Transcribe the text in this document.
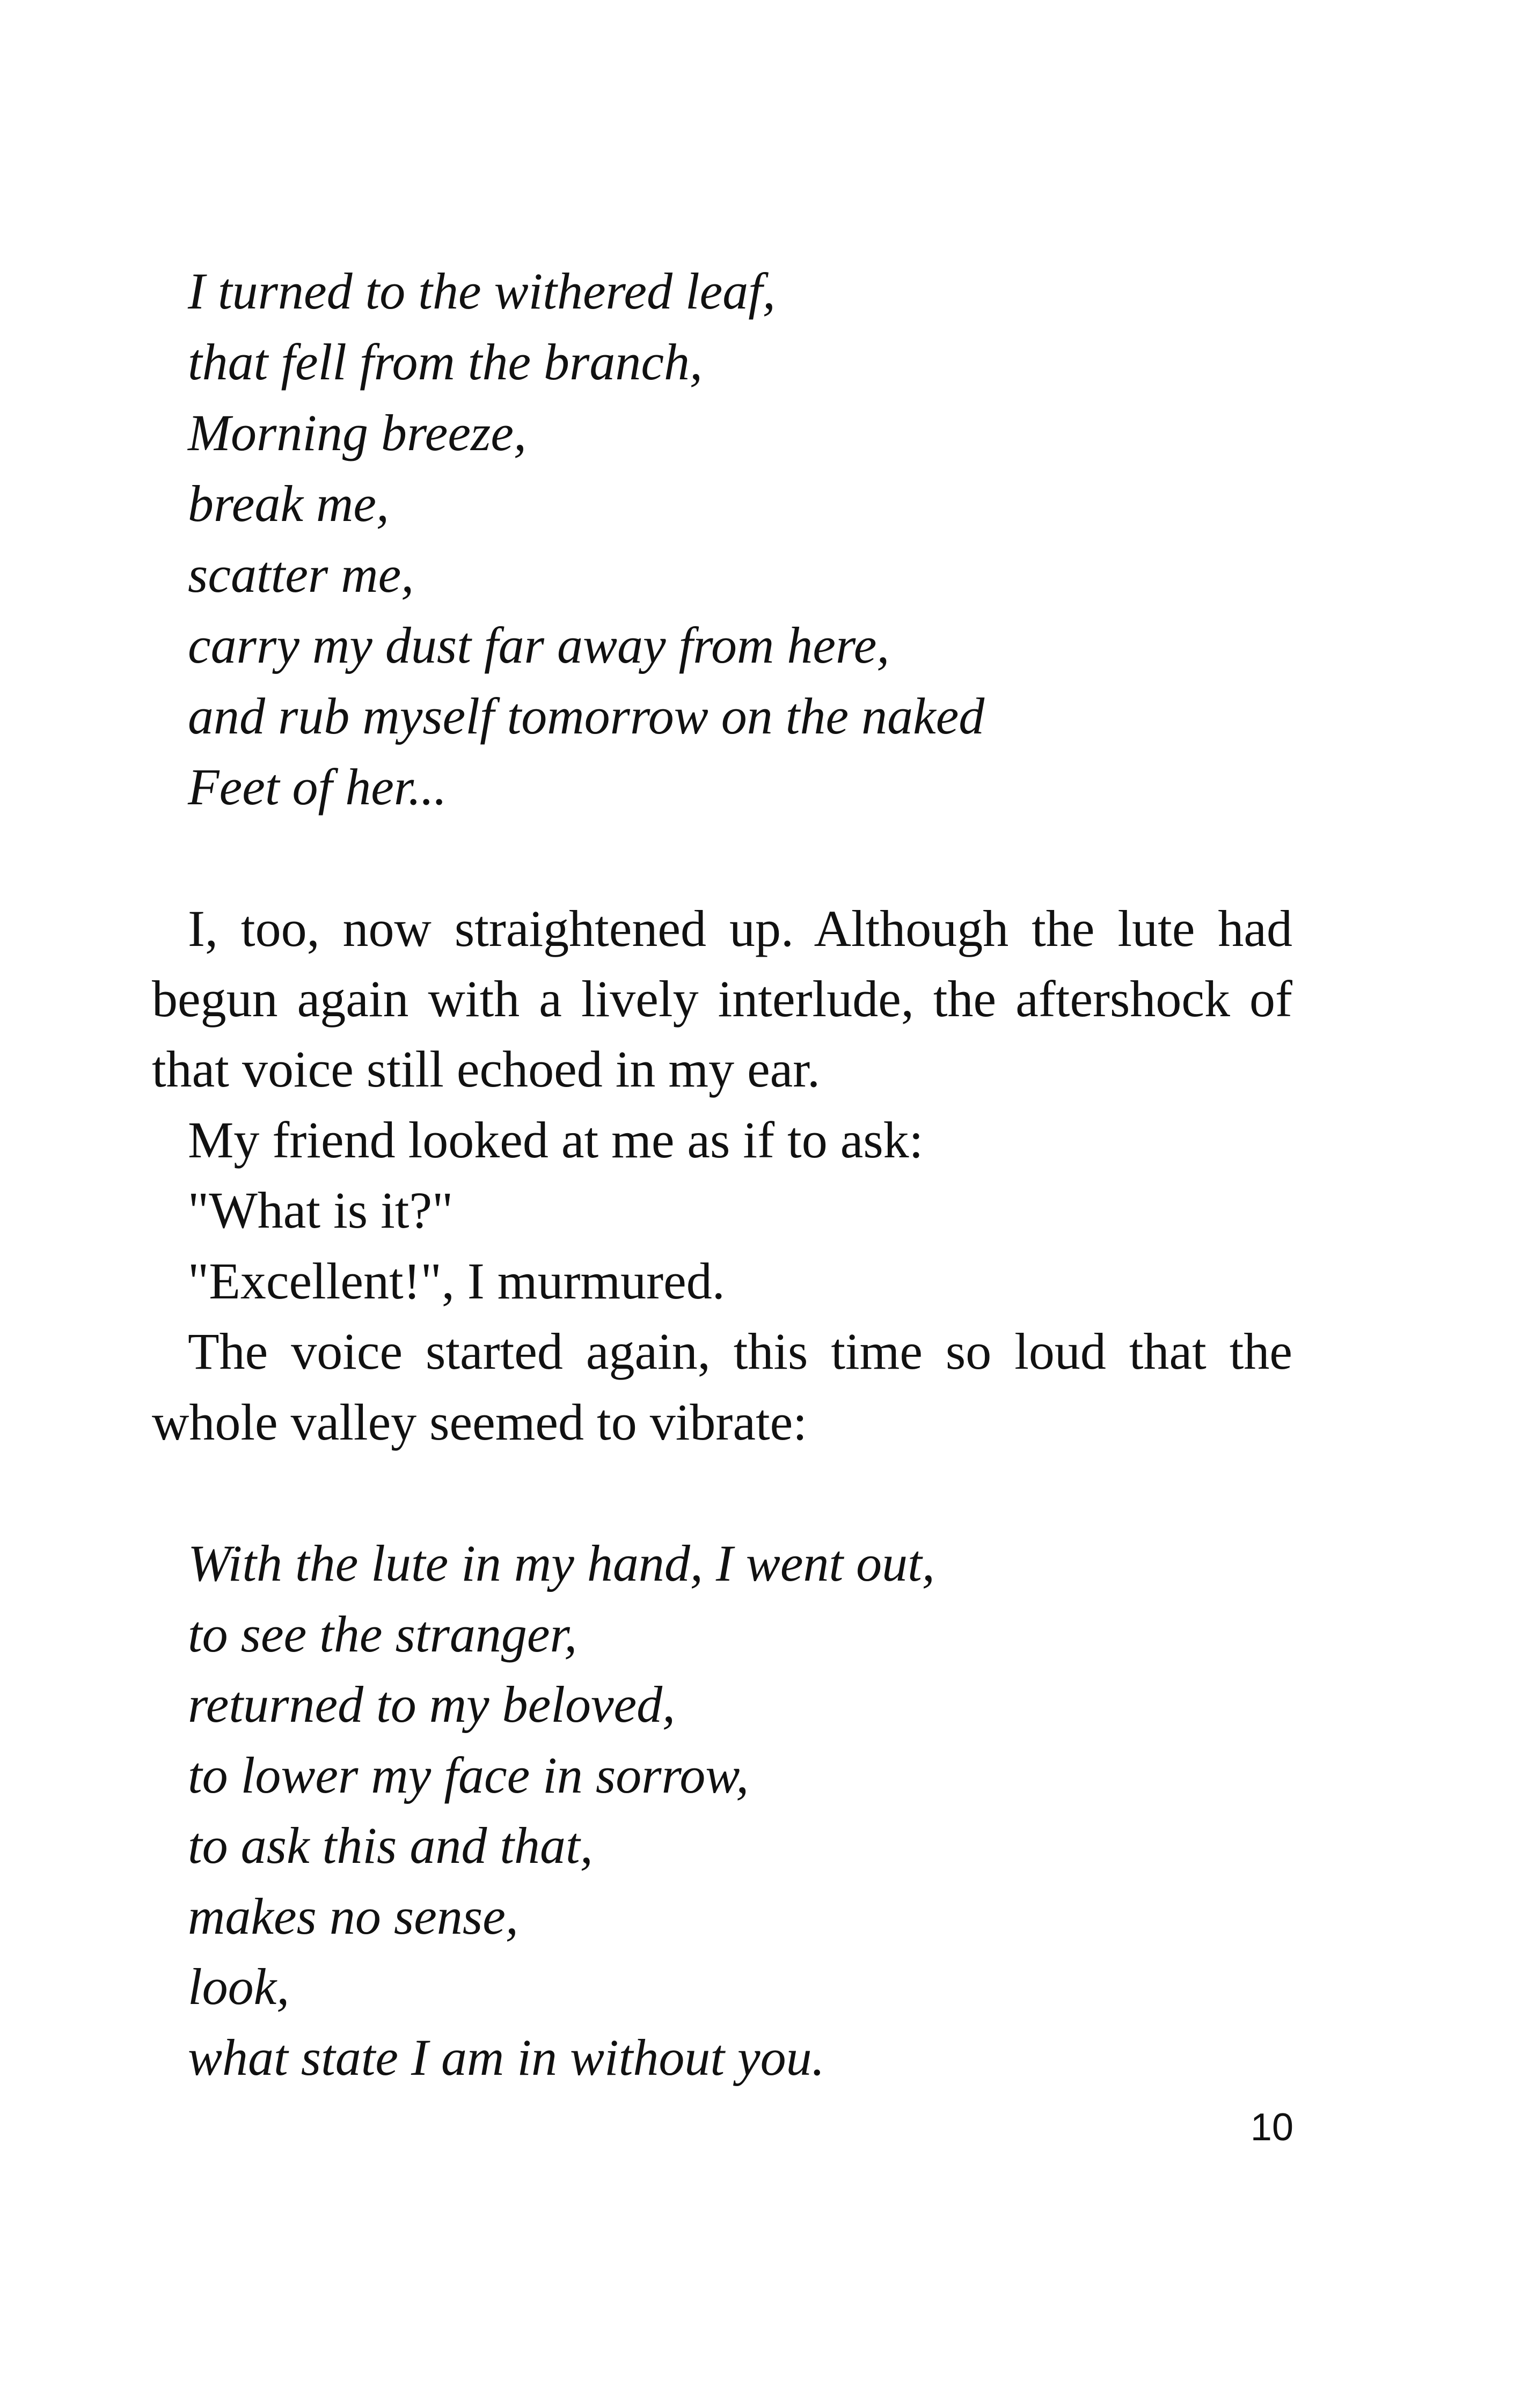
I turned to the withered leaf,
that fell from the branch,
Morning breeze,
break me,
scatter me,
carry my dust far away from here,
and rub myself tomorrow on the naked
Feet of her...
I, too, now straightened up. Although the lute had
begun again with a lively interlude, the aftershock of
that voice still echoed in my ear.
My friend looked at me as if to ask:
"What is it?"
"Excellent!", I murmured.
The voice started again, this time so loud that the
whole valley seemed to vibrate:
With the lute in my hand, I went out,
to see the stranger,
returned to my beloved,
to lower my face in sorrow,
to ask this and that,
makes no sense,
look,
what state I am in without you.
10
